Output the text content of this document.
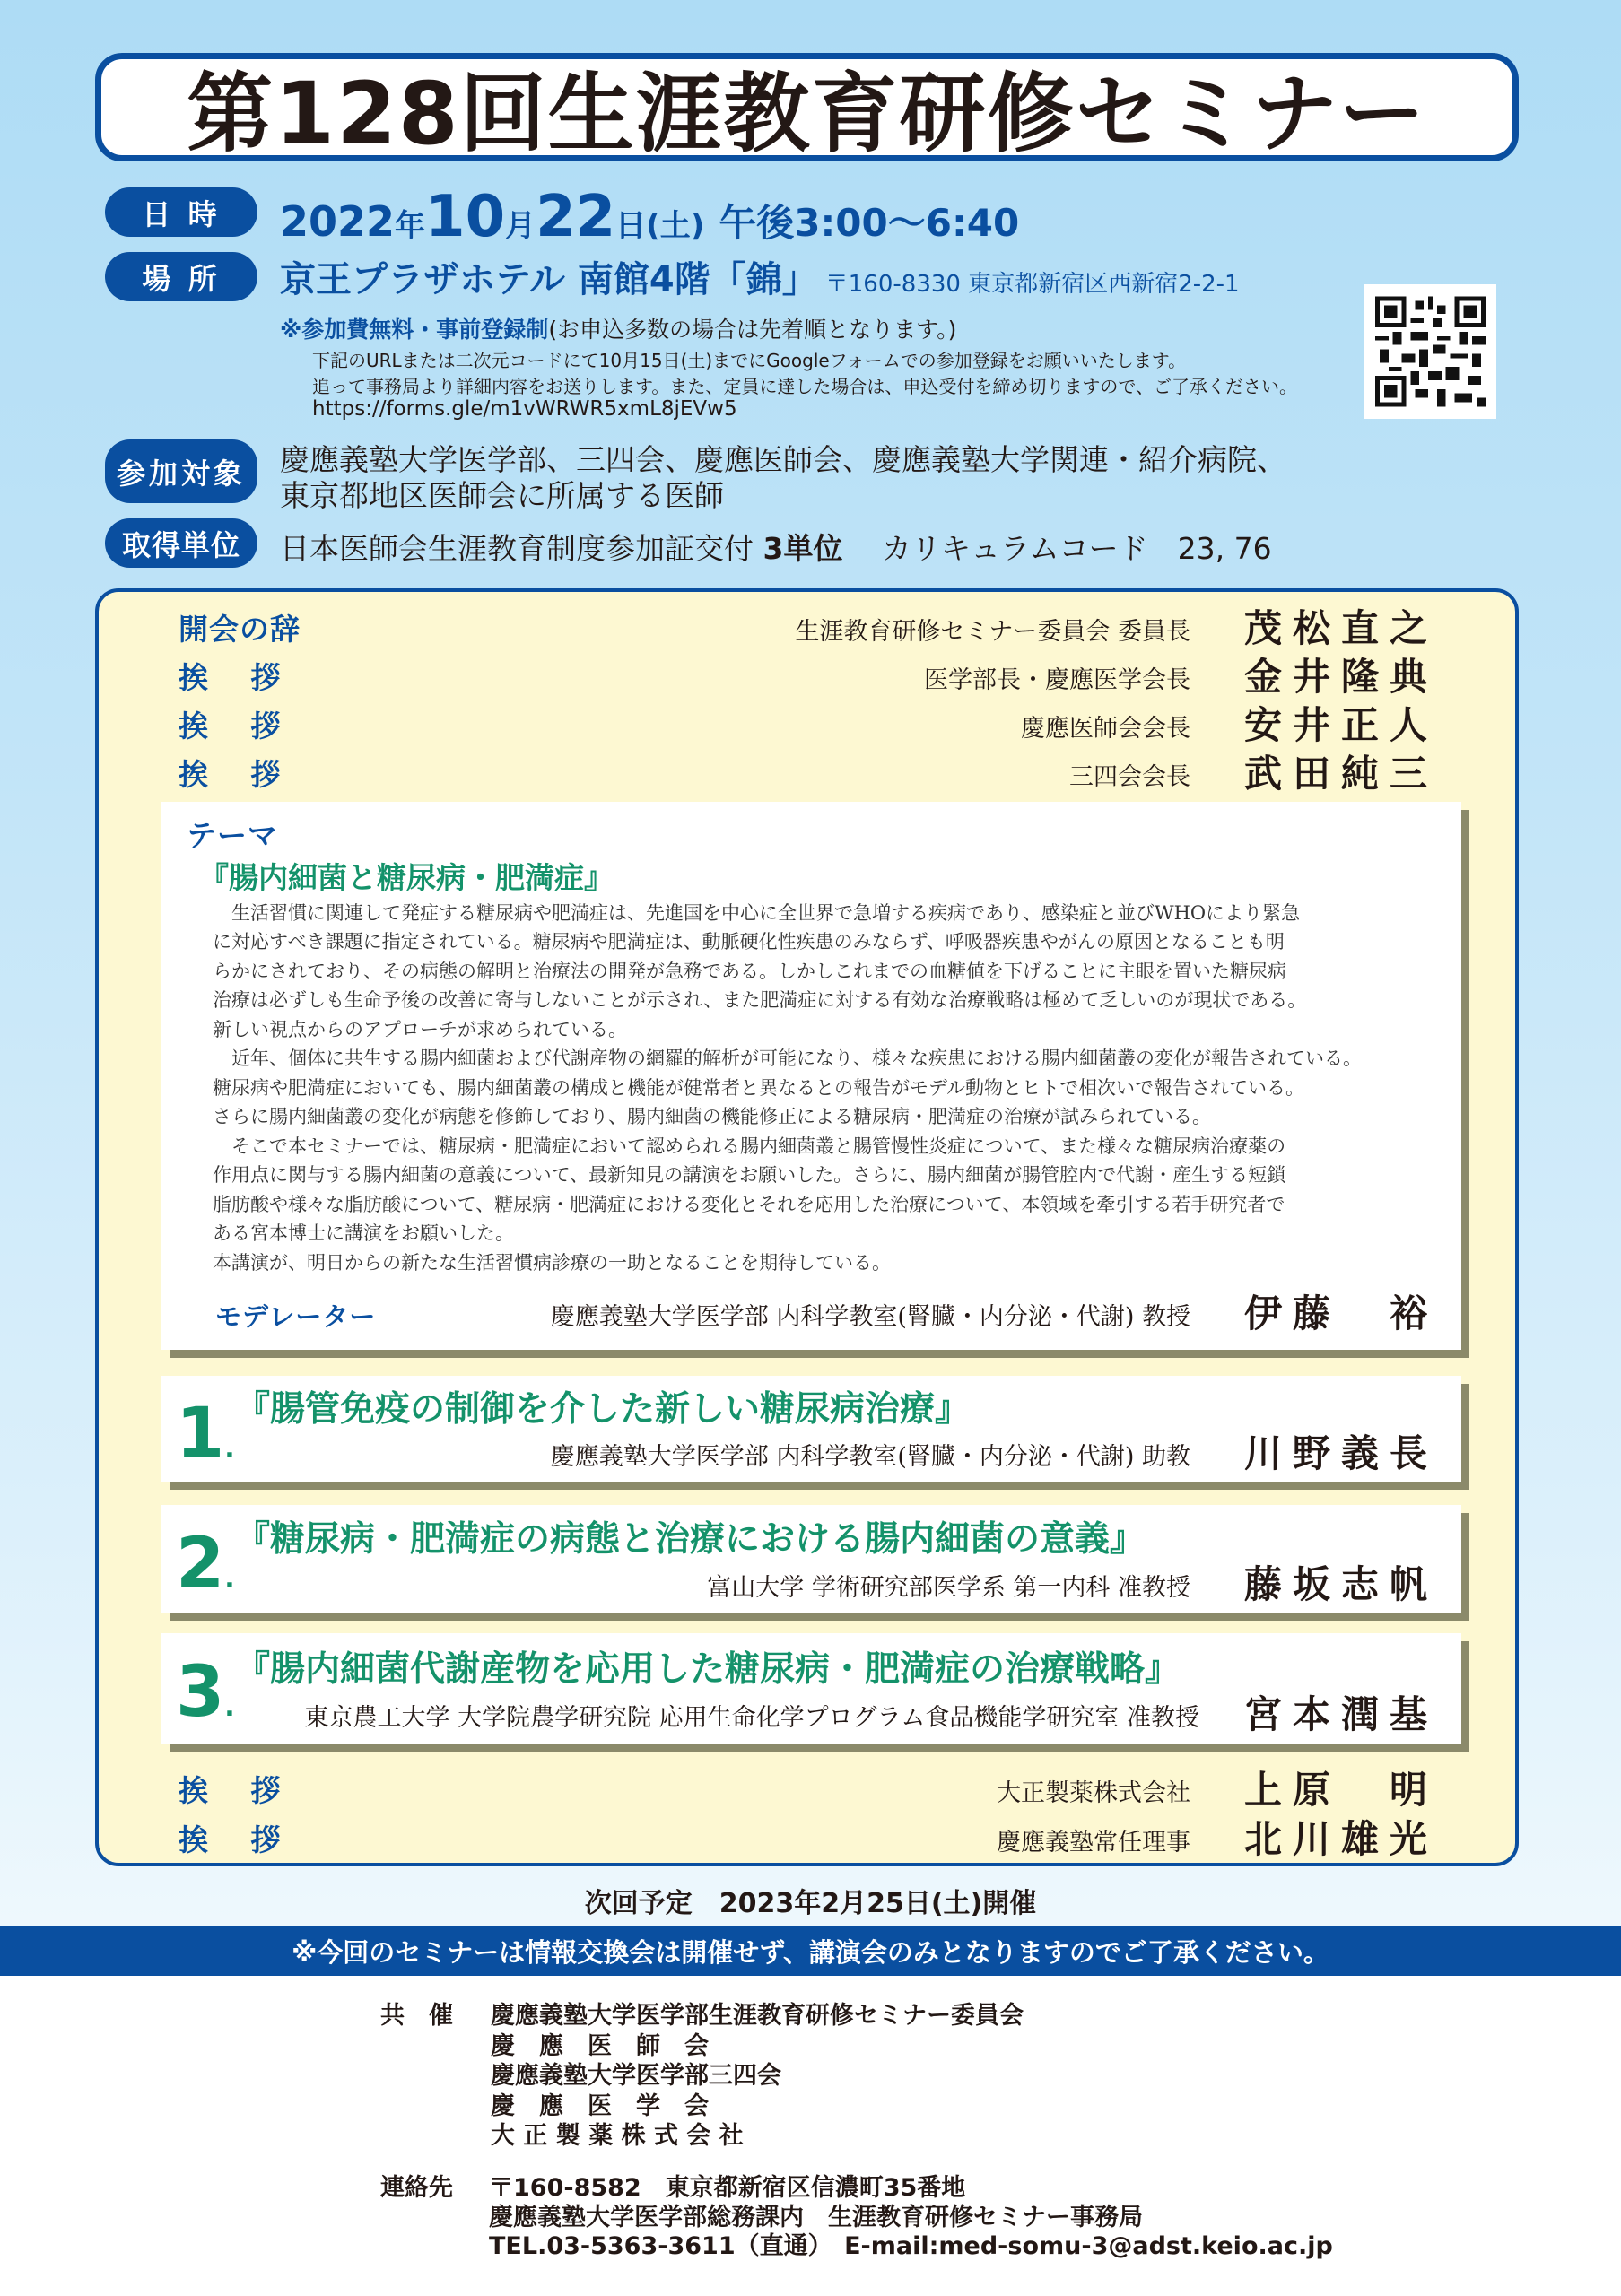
第128回生涯教育研修セミナー
日 時	2022年10月22日(土) 午後3:00〜6:40
場 所	京王プラザホテル 南館4階「錦」 〒160-8330 東京都新宿区西新宿2-2-1
※参加費無料・事前登録制(お申込多数の場合は先着順となります。)
下記のURLまたは二次元コードにて10月15日(土)までにGoogleフォームでの参加登録をお願いいたします。
追って事務局より詳細内容をお送りします。また、定員に達した場合は、申込受付を締め切りますので、ご了承ください。
https://forms.gle/m1vWRWR5xmL8jEVw5
参加対象	慶應義塾大学医学部、三四会、慶應医師会、慶應義塾大学関連・紹介病院、
東京都地区医師会に所属する医師
取得単位	日本医師会生涯教育制度参加証交付 3単位　 カリキュラムコード　23, 76
開会の辞	生涯教育研修セミナー委員会 委員長 茂松直之
挨　 拶	医学部長・慶應医学会長 金井隆典
挨　 拶	慶應医師会会長 安井正人
挨　 拶	三四会会長 武田純三
テーマ
『腸内細菌と糖尿病・肥満症』
　生活習慣に関連して発症する糖尿病や肥満症は、先進国を中心に全世界で急増する疾病であり、感染症と並びWHOにより緊急
に対応すべき課題に指定されている。糖尿病や肥満症は、動脈硬化性疾患のみならず、呼吸器疾患やがんの原因となることも明
らかにされており、その病態の解明と治療法の開発が急務である。しかしこれまでの血糖値を下げることに主眼を置いた糖尿病
治療は必ずしも生命予後の改善に寄与しないことが示され、また肥満症に対する有効な治療戦略は極めて乏しいのが現状である。
新しい視点からのアプローチが求められている。
　近年、個体に共生する腸内細菌および代謝産物の網羅的解析が可能になり、様々な疾患における腸内細菌叢の変化が報告されている。
糖尿病や肥満症においても、腸内細菌叢の構成と機能が健常者と異なるとの報告がモデル動物とヒトで相次いで報告されている。
さらに腸内細菌叢の変化が病態を修飾しており、腸内細菌の機能修正による糖尿病・肥満症の治療が試みられている。
　そこで本セミナーでは、糖尿病・肥満症において認められる腸内細菌叢と腸管慢性炎症について、また様々な糖尿病治療薬の
作用点に関与する腸内細菌の意義について、最新知見の講演をお願いした。さらに、腸内細菌が腸管腔内で代謝・産生する短鎖
脂肪酸や様々な脂肪酸について、糖尿病・肥満症における変化とそれを応用した治療について、本領域を牽引する若手研究者で
ある宮本博士に講演をお願いした。
本講演が、明日からの新たな生活習慣病診療の一助となることを期待している。
モデレーター	慶應義塾大学医学部 内科学教室(腎臓・内分泌・代謝) 教授 伊藤　裕
1.
『腸管免疫の制御を介した新しい糖尿病治療』
慶應義塾大学医学部 内科学教室(腎臓・内分泌・代謝) 助教 川野義長
2.
『糖尿病・肥満症の病態と治療における腸内細菌の意義』
富山大学 学術研究部医学系 第一内科 准教授 藤坂志帆
3.
『腸内細菌代謝産物を応用した糖尿病・肥満症の治療戦略』
東京農工大学 大学院農学研究院 応用生命化学プログラム食品機能学研究室 准教授 宮本潤基
挨　 拶	大正製薬株式会社 上原　明
挨　 拶	慶應義塾常任理事 北川雄光
次回予定　2023年2月25日(土)開催
※今回のセミナーは情報交換会は開催せず、講演会のみとなりますのでご了承ください。
共　催 慶應義塾大学医学部生涯教育研修セミナー委員会
慶　應　医　師　会
慶應義塾大学医学部三四会
慶　應　医　学　会
大 正 製 薬 株 式 会 社
連絡先 〒160-8582　東京都新宿区信濃町35番地
慶應義塾大学医学部総務課内　生涯教育研修セミナー事務局
TEL.03-5363-3611（直通）　E-mail:med-somu-3@adst.keio.ac.jp
